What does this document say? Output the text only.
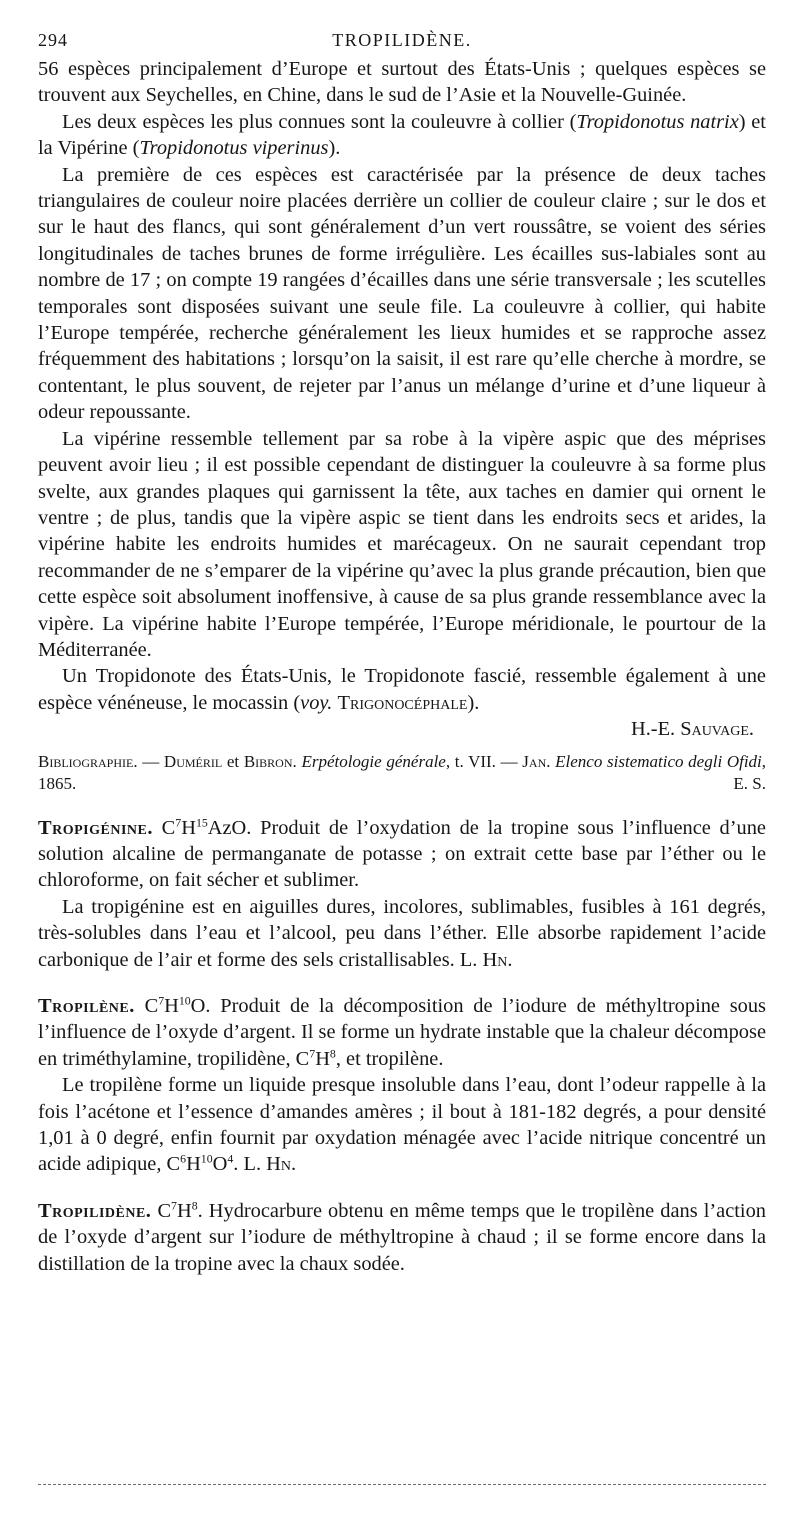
294	TROPILIDÈNE.

56 espèces principalement d’Europe et surtout des États-Unis ; quelques espèces se trouvent aux Seychelles, en Chine, dans le sud de l’Asie et la Nouvelle-Guinée.

Les deux espèces les plus connues sont la couleuvre à collier (Tropidonotus natrix) et la Vipérine (Tropidonotus viperinus).

La première de ces espèces est caractérisée par la présence de deux taches triangulaires de couleur noire placées derrière un collier de couleur claire ; sur le dos et sur le haut des flancs, qui sont généralement d’un vert roussâtre, se voient des séries longitudinales de taches brunes de forme irrégulière. Les écailles sus-labiales sont au nombre de 17 ; on compte 19 rangées d’écailles dans une série transversale ; les scutelles temporales sont disposées suivant une seule file. La couleuvre à collier, qui habite l’Europe tempérée, recherche généralement les lieux humides et se rapproche assez fréquemment des habitations ; lorsqu’on la saisit, il est rare qu’elle cherche à mordre, se contentant, le plus souvent, de rejeter par l’anus un mélange d’urine et d’une liqueur à odeur repoussante.

La vipérine ressemble tellement par sa robe à la vipère aspic que des méprises peuvent avoir lieu ; il est possible cependant de distinguer la couleuvre à sa forme plus svelte, aux grandes plaques qui garnissent la tête, aux taches en damier qui ornent le ventre ; de plus, tandis que la vipère aspic se tient dans les endroits secs et arides, la vipérine habite les endroits humides et marécageux. On ne saurait cependant trop recommander de ne s’emparer de la vipérine qu’avec la plus grande précaution, bien que cette espèce soit absolument inoffensive, à cause de sa plus grande ressemblance avec la vipère. La vipérine habite l’Europe tempérée, l’Europe méridionale, le pourtour de la Méditerranée.

Un Tropidonote des États-Unis, le Tropidonote fascié, ressemble également à une espèce vénéneuse, le mocassin (voy. Trigonocéphale).

H.-E. Sauvage.

Bibliographie. — Duméril et Bibron. Erpétologie générale, t. VII. — Jan. Elenco sistematico degli Ofidi, 1865.	E. S.

Tropigénine. $C^7H^{15}AzO$. Produit de l’oxydation de la tropine sous l’influence d’une solution alcaline de permanganate de potasse ; on extrait cette base par l’éther ou le chloroforme, on fait sécher et sublimer.

La tropigénine est en aiguilles dures, incolores, sublimables, fusibles à 161 degrés, très-solubles dans l’eau et l’alcool, peu dans l’éther. Elle absorbe rapidement l’acide carbonique de l’air et forme des sels cristallisables. L. Hn.

Tropilène. $C^7H^{10}O$. Produit de la décomposition de l’iodure de méthyltropine sous l’influence de l’oxyde d’argent. Il se forme un hydrate instable que la chaleur décompose en triméthylamine, tropilidène, $C^7H^8$, et tropilène.

Le tropilène forme un liquide presque insoluble dans l’eau, dont l’odeur rappelle à la fois l’acétone et l’essence d’amandes amères ; il bout à 181-182 degrés, a pour densité 1,01 à 0 degré, enfin fournit par oxydation ménagée avec l’acide nitrique concentré un acide adipique, $C^6H^{10}O^4$. L. Hn.

Tropilidène. $C^7H^8$. Hydrocarbure obtenu en même temps que le tropilène dans l’action de l’oxyde d’argent sur l’iodure de méthyltropine à chaud ; il se forme encore dans la distillation de la tropine avec la chaux sodée.
